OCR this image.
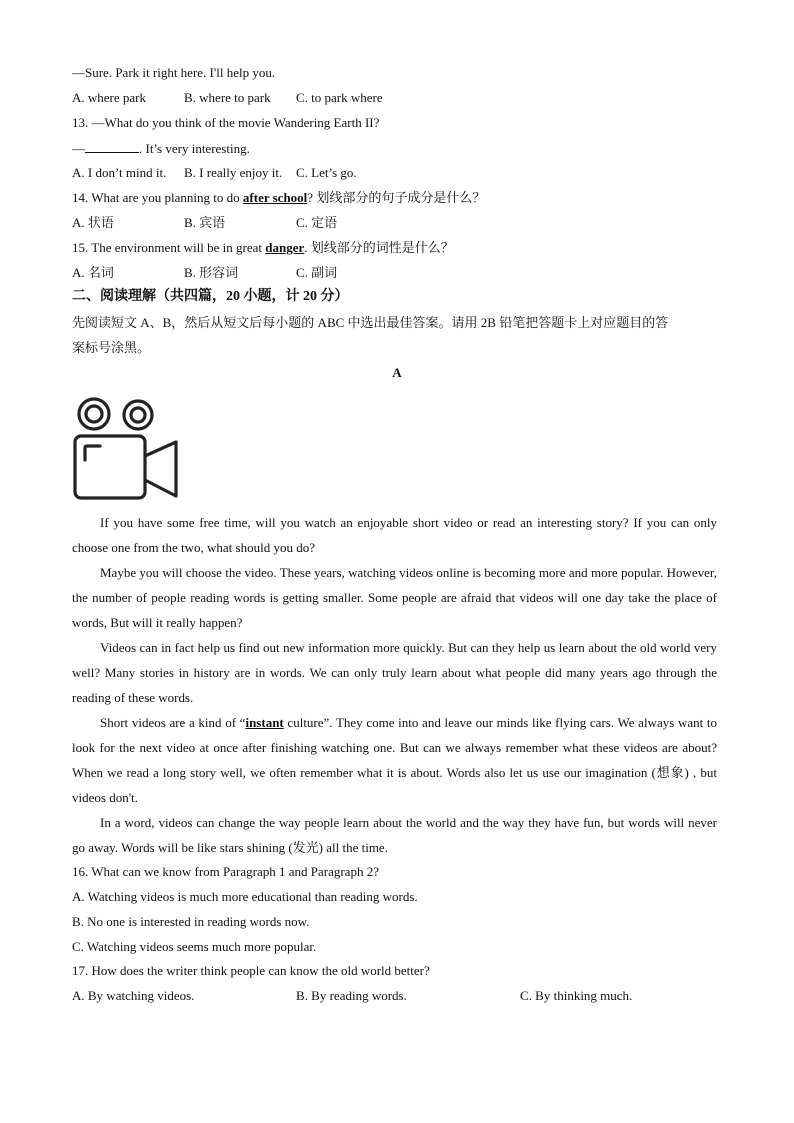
—Sure. Park it right here. I'll help you.
A. where park	B. where to park C. to park where
13. —What do you think of the movie Wandering Earth II?
—	. It’s very interesting.
A. I don’t mind it. B. I really enjoy it. C. Let’s go.
14. What are you planning to do after school? 划线部分的句子成分是什么？
A. 状语	B. 宾语	C. 定语
15. The environment will be in great danger. 划线部分的词性是什么？
A. 名词	B. 形容词	C. 副词
二、阅读理解（共四篇，20 小题，计 20 分）
先阅读短文 A、B，然后从短文后每小题的 ABC 中选出最佳答案。请用 2B 铅笔把答题卡上对应题目的答
案标号涂黑。
A
If you have some free time, will you watch an enjoyable short video or read an interesting story? If you can only choose one from the two, what should you do?
Maybe you will choose the video. These years, watching videos online is becoming more and more popular. However, the number of people reading words is getting smaller. Some people are afraid that videos will one day take the place of words, But will it really happen?
Videos can in fact help us find out new information more quickly. But can they help us learn about the old world very well? Many stories in history are in words. We can only truly learn about what people did many years ago through the reading of these words.
Short videos are a kind of “instant culture”. They come into and leave our minds like flying cars. We always want to look for the next video at once after finishing watching one. But can we always remember what these videos are about? When we read a long story well, we often remember what it is about. Words also let us use our imagination (想象) , but videos don't.
In a word, videos can change the way people learn about the world and the way they have fun, but words will never go away. Words will be like stars shining (发光) all the time.
16. What can we know from Paragraph 1 and Paragraph 2?
A. Watching videos is much more educational than reading words.
B. No one is interested in reading words now.
C. Watching videos seems much more popular.
17. How does the writer think people can know the old world better?
A. By watching videos.	B. By reading words.	C. By thinking much.
